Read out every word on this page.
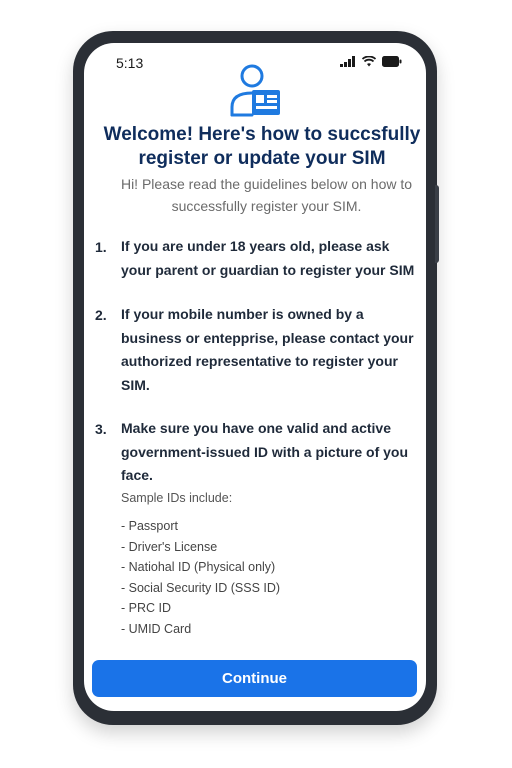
5:13
Welcome! Here's how to succsfully
register or update your SIM
Hi! Please read the guidelines below on how to
successfully register your SIM.
1. If you are under 18 years old, please ask
your parent or guardian to register your SIM
2. If your mobile number is owned by a
business or entepprise, please contact your
authorized representative to register your
SIM.
3. Make sure you have one valid and active
government-issued ID with a picture of you
face.
Sample IDs include:
- Passport
- Driver's License
- Natiohal ID (Physical only)
- Social Security ID (SSS ID)
- PRC ID
- UMID Card
Continue
